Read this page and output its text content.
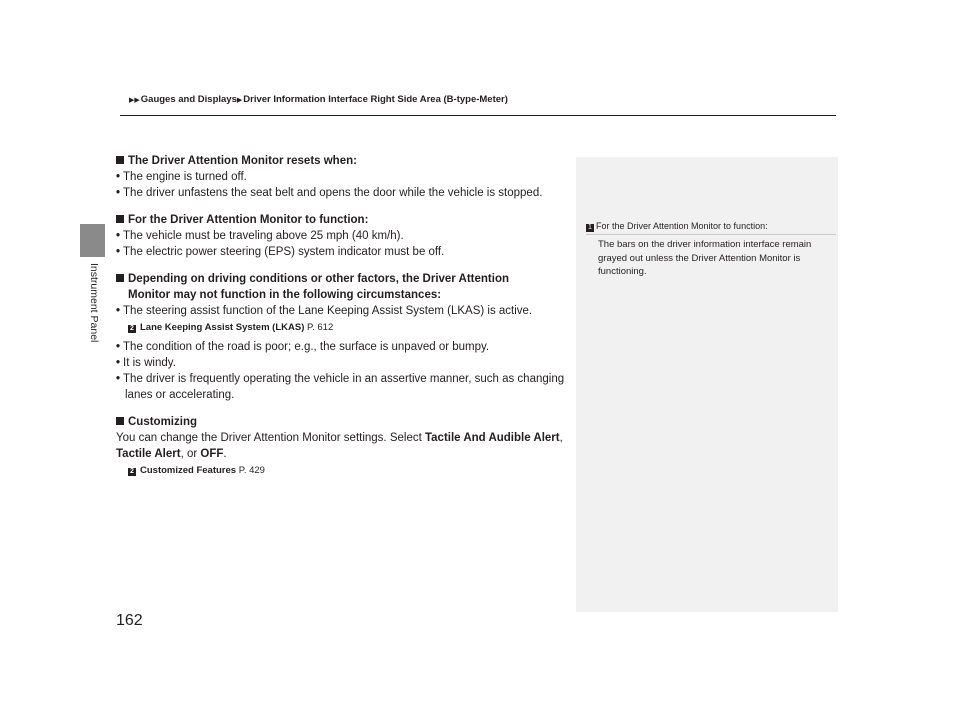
Instrument Panel
▶▶Gauges and Displays▶Driver Information Interface Right Side Area (B-type-Meter)

The Driver Attention Monitor resets when:

• The engine is turned off.

• The driver unfastens the seat belt and opens the door while the vehicle is stopped.

For the Driver Attention Monitor to function:

• The vehicle must be traveling above 25 mph (40 km/h).

• The electric power steering (EPS) system indicator must be off.

Depending on driving conditions or other factors, the Driver Attention
Monitor may not function in the following circumstances:

• The steering assist function of the Lane Keeping Assist System (LKAS) is active.

2 Lane Keeping Assist System (LKAS) P. 612

• The condition of the road is poor; e.g., the surface is unpaved or bumpy.

• It is windy.

• The driver is frequently operating the vehicle in an assertive manner, such as changing lanes or accelerating.

Customizing

You can change the Driver Attention Monitor settings. Select Tactile And Audible Alert, Tactile Alert, or OFF.

2 Customized Features P. 429

1 For the Driver Attention Monitor to function:
The bars on the driver information interface remain grayed out unless the Driver Attention Monitor is functioning.
162
